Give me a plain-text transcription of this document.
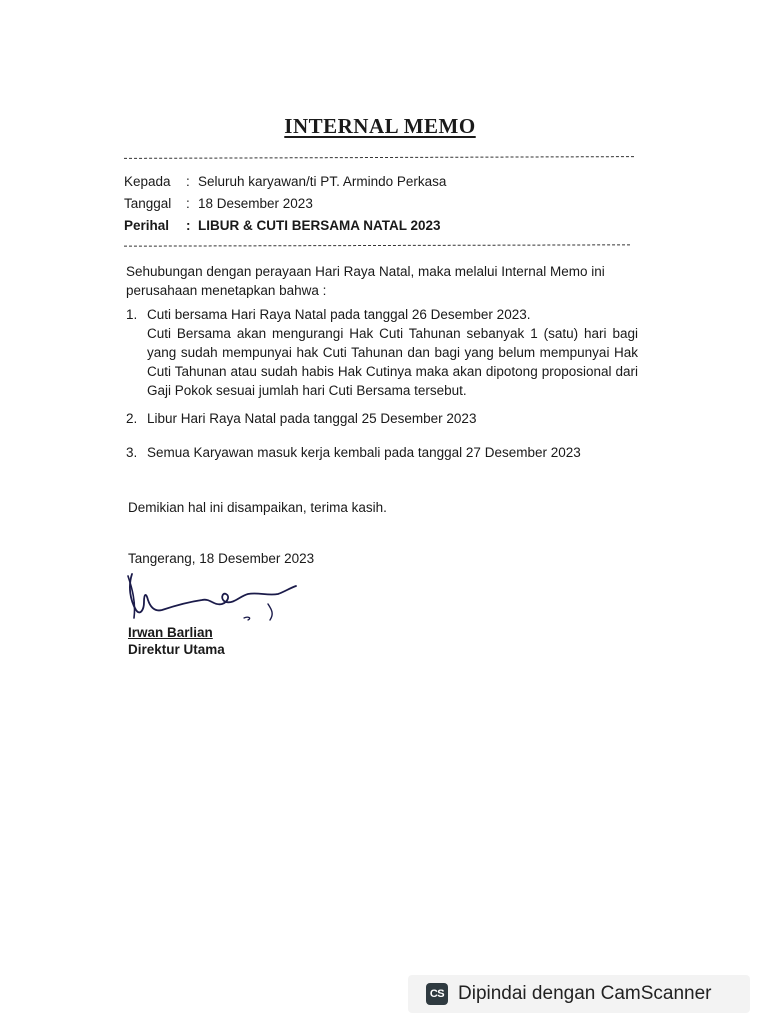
INTERNAL MEMO
Kepada : Seluruh karyawan/ti PT. Armindo Perkasa
Tanggal : 18 Desember 2023
Perihal : LIBUR & CUTI BERSAMA NATAL 2023
Sehubungan dengan perayaan Hari Raya Natal, maka melalui Internal Memo ini
perusahaan menetapkan bahwa :
1. Cuti bersama Hari Raya Natal pada tanggal 26 Desember 2023.
Cuti Bersama akan mengurangi Hak Cuti Tahunan sebanyak 1 (satu) hari bagi yang sudah mempunyai hak Cuti Tahunan dan bagi yang belum mempunyai Hak Cuti Tahunan atau sudah habis Hak Cutinya maka akan dipotong proposional dari Gaji Pokok sesuai jumlah hari Cuti Bersama tersebut.
2. Libur Hari Raya Natal pada tanggal 25 Desember 2023
3. Semua Karyawan masuk kerja kembali pada tanggal 27 Desember 2023
Demikian hal ini disampaikan, terima kasih.
Tangerang, 18 Desember 2023
Irwan Barlian
Direktur Utama
CS Dipindai dengan CamScanner
